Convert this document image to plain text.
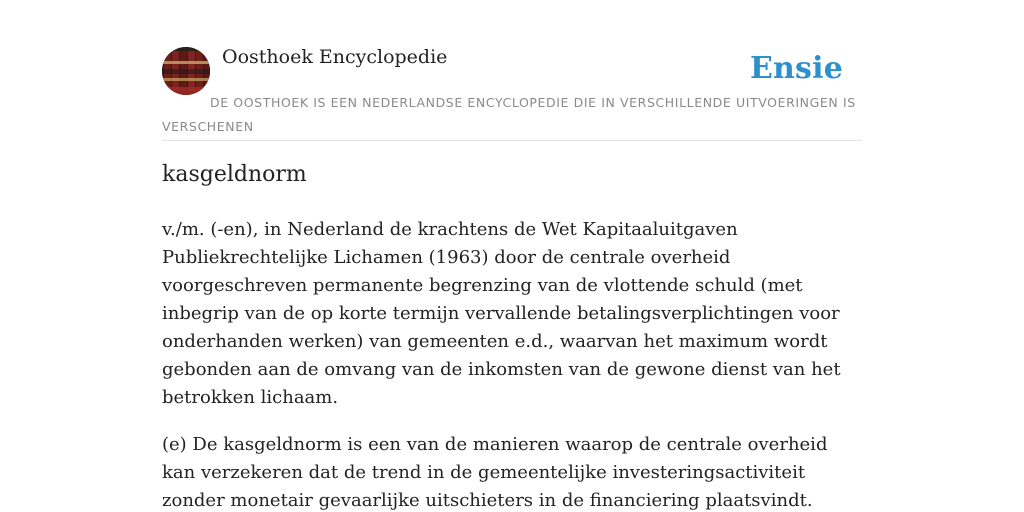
Oosthoek Encyclopedie	Ensie
DE OOSTHOEK IS EEN NEDERLANDSE ENCYCLOPEDIE DIE IN VERSCHILLENDE UITVOERINGEN IS VERSCHENEN
kasgeldnorm

v./m. (-en), in Nederland de krachtens de Wet Kapitaaluitgaven Publiekrechtelijke Lichamen (1963) door de centrale overheid voorgeschreven permanente begrenzing van de vlottende schuld (met inbegrip van de op korte termijn vervallende betalingsverplichtingen voor onderhanden werken) van gemeenten e.d., waarvan het maximum wordt gebonden aan de omvang van de inkomsten van de gewone dienst van het betrokken lichaam.

(e) De kasgeldnorm is een van de manieren waarop de centrale overheid kan verzekeren dat de trend in de gemeentelijke investeringsactiviteit zonder monetair gevaarlijke uitschieters in de financiering plaatsvindt.
